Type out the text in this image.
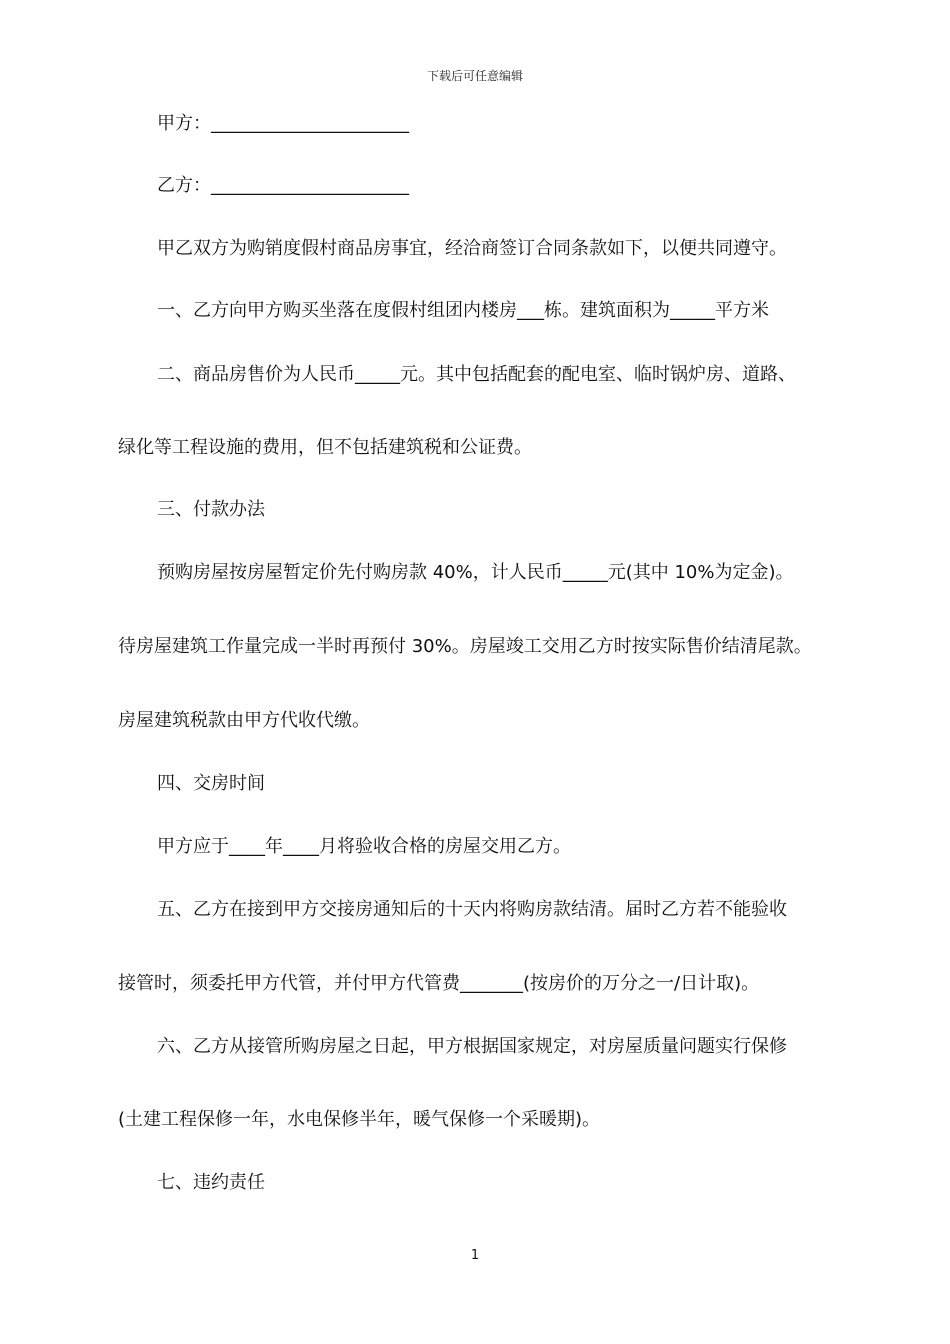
下载后可任意编辑
甲方：______________________
乙方：______________________
甲乙双方为购销度假村商品房事宜，经洽商签订合同条款如下，以便共同遵守。
一、乙方向甲方购买坐落在度假村组团内楼房___栋。建筑面积为_____平方米
二、商品房售价为人民币_____元。其中包括配套的配电室、临时锅炉房、道路、
绿化等工程设施的费用，但不包括建筑税和公证费。
三、付款办法
预购房屋按房屋暂定价先付购房款 40%，计人民币_____元(其中 10%为定金)。
待房屋建筑工作量完成一半时再预付 30%。房屋竣工交用乙方时按实际售价结清尾款。
房屋建筑税款由甲方代收代缴。
四、交房时间
甲方应于____年____月将验收合格的房屋交用乙方。
五、乙方在接到甲方交接房通知后的十天内将购房款结清。届时乙方若不能验收
接管时，须委托甲方代管，并付甲方代管费_______(按房价的万分之一/日计取)。
六、乙方从接管所购房屋之日起，甲方根据国家规定，对房屋质量问题实行保修
(土建工程保修一年，水电保修半年，暖气保修一个采暖期)。
七、违约责任
1
